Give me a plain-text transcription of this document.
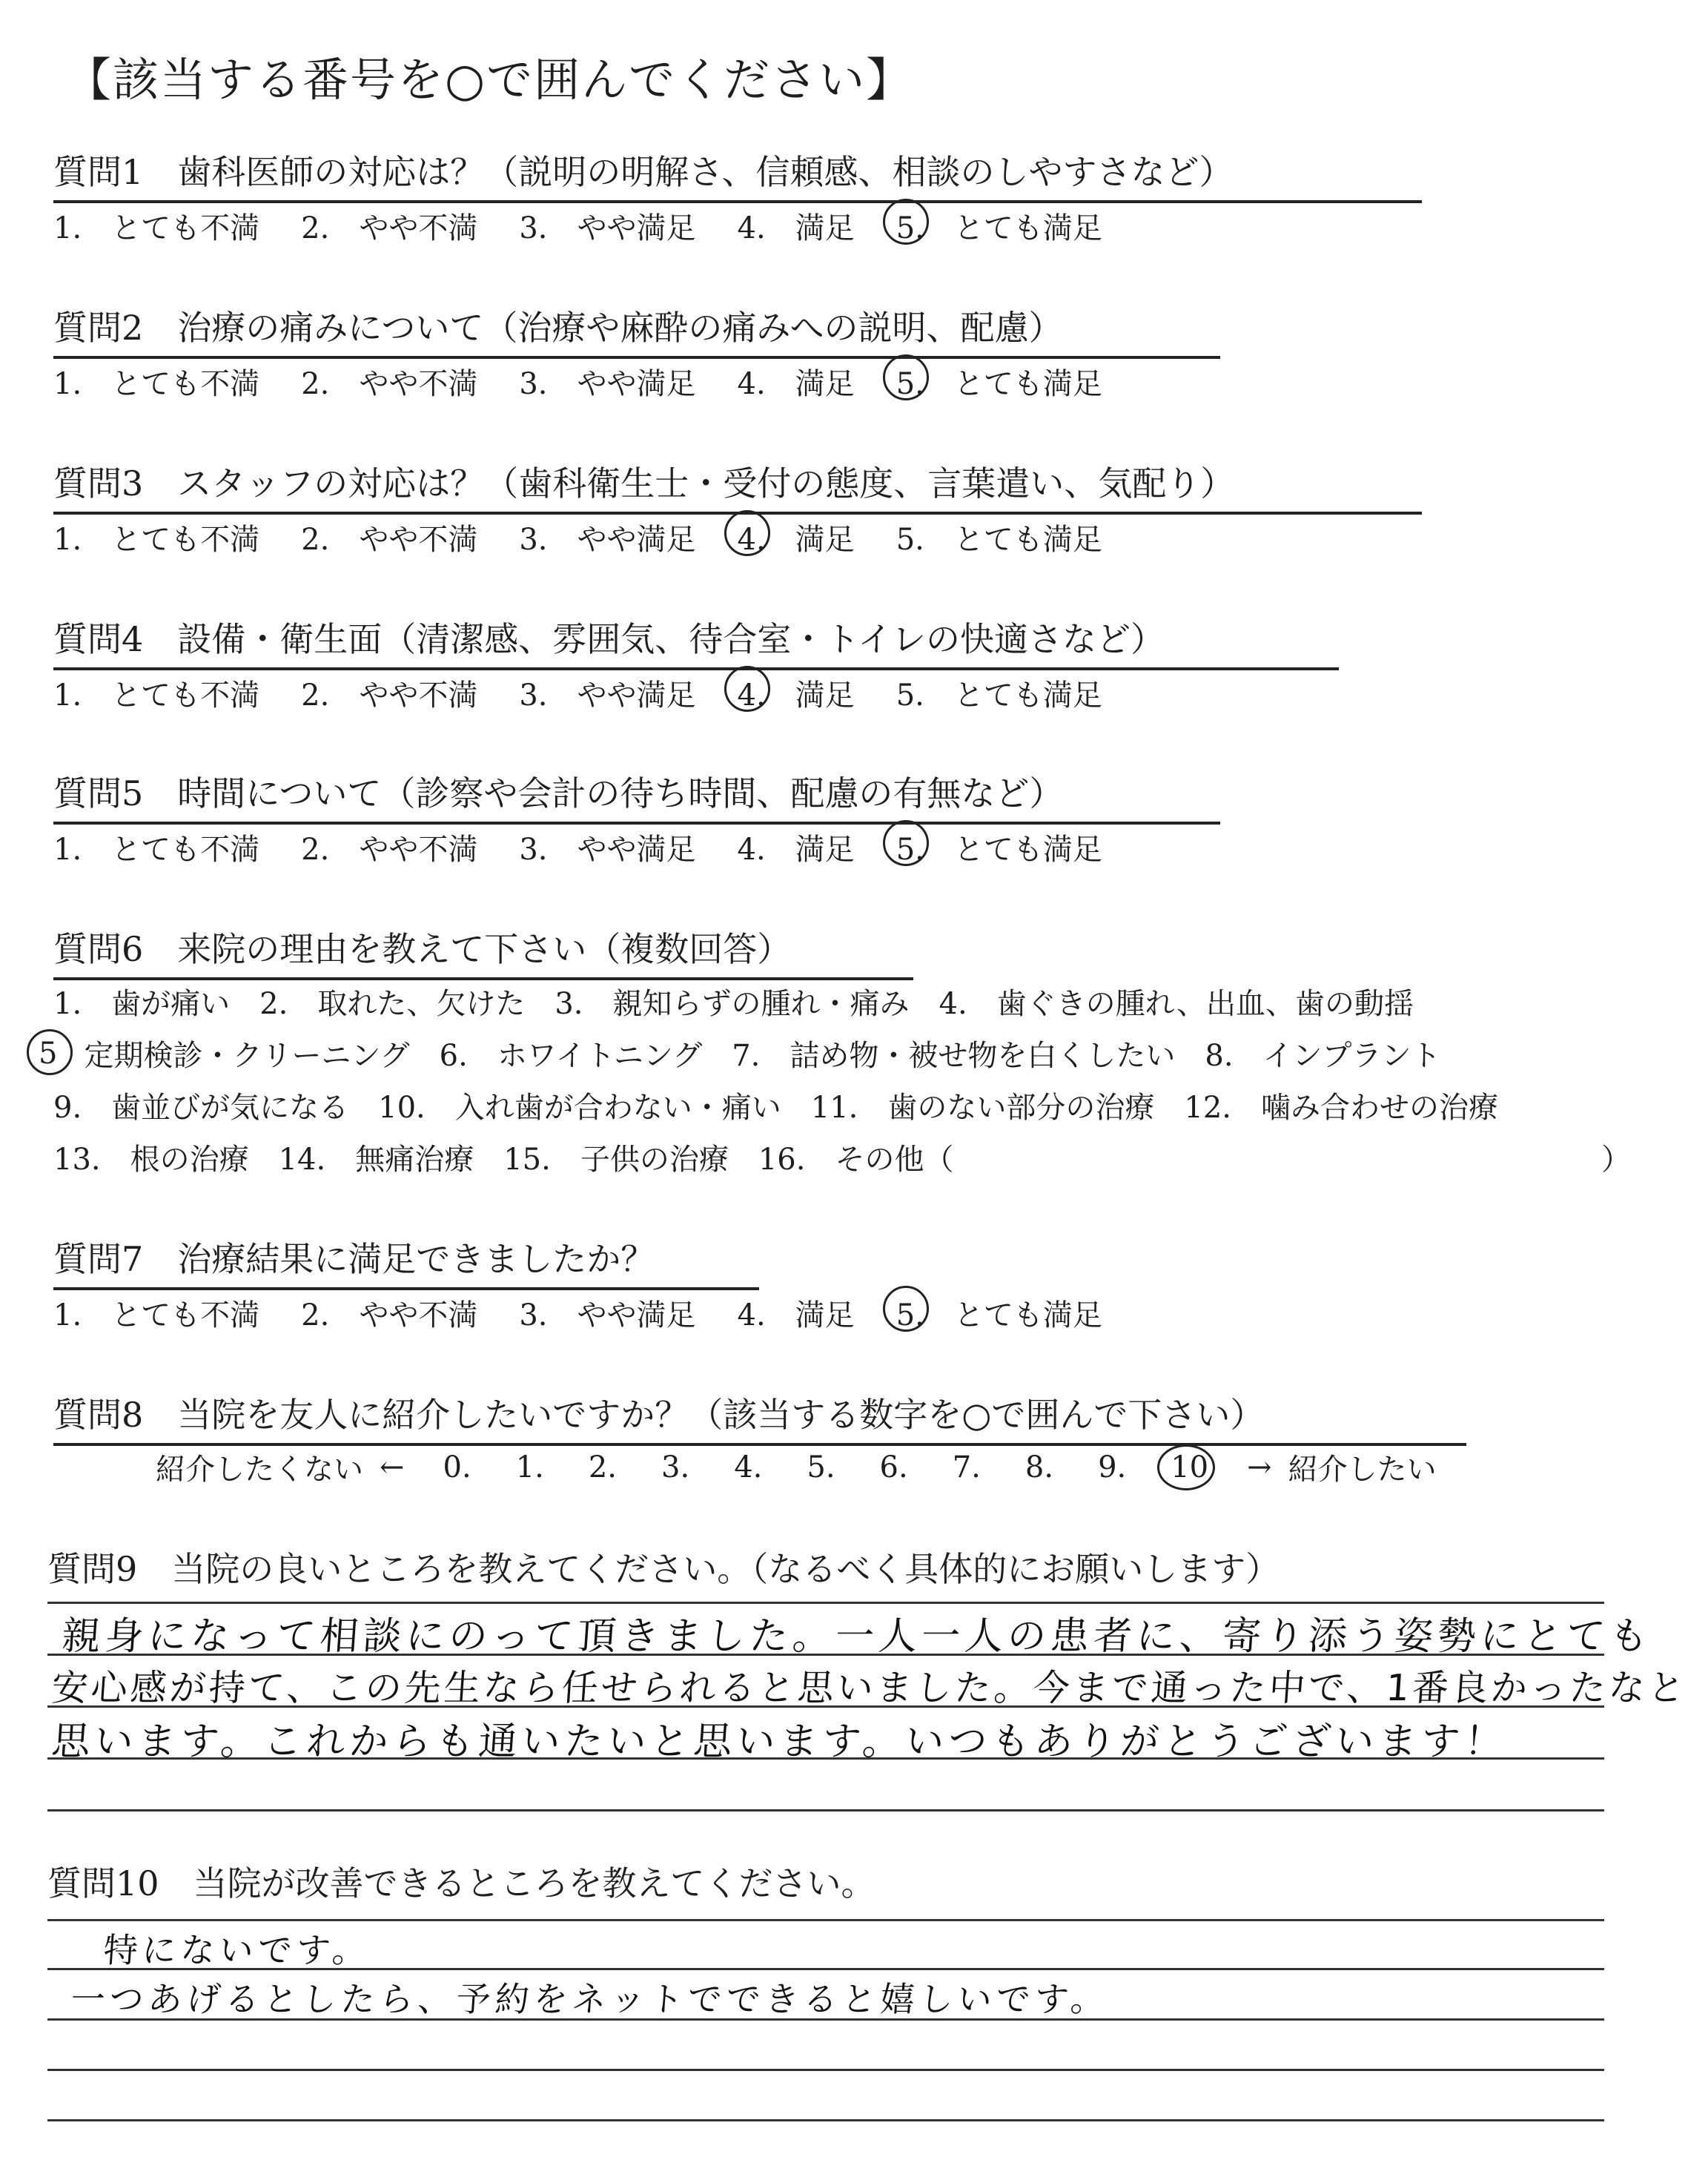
【該当する番号を○で囲んでください】
質問1 歯科医師の対応は？（説明の明解さ、信頼感、相談のしやすさなど）
1.　とても不満 2.　やや不満 3.　やや満足 4.　満足 5.　とても満足
質問2 治療の痛みについて（治療や麻酔の痛みへの説明、配慮）
1.　とても不満 2.　やや不満 3.　やや満足 4.　満足 5.　とても満足
質問3 スタッフの対応は？（歯科衛生士・受付の態度、言葉遣い、気配り）
1.　とても不満 2.　やや不満 3.　やや満足 4.　満足 5.　とても満足
質問4 設備・衛生面（清潔感、雰囲気、待合室・トイレの快適さなど）
1.　とても不満 2.　やや不満 3.　やや満足 4.　満足 5.　とても満足
質問5 時間について（診察や会計の待ち時間、配慮の有無など）
1.　とても不満 2.　やや不満 3.　やや満足 4.　満足 5.　とても満足
質問6 来院の理由を教えて下さい（複数回答）
1.　歯が痛い　2.　取れた、欠けた　3.　親知らずの腫れ・痛み　4.　歯ぐきの腫れ、出血、歯の動揺
5 定期検診・クリーニング　6.　ホワイトニング　7.　詰め物・被せ物を白くしたい　8.　インプラント
9.　歯並びが気になる　10.　入れ歯が合わない・痛い　11.　歯のない部分の治療　12.　噛み合わせの治療
13.　根の治療　14.　無痛治療　15.　子供の治療　16.　その他（	）
質問7 治療結果に満足できましたか？
1.　とても不満 2.　やや不満 3.　やや満足 4.　満足 5.　とても満足
質問8 当院を友人に紹介したいですか？（該当する数字を○で囲んで下さい）
紹介したくない ← 0. 1. 2. 3. 4. 5. 6. 7. 8. 9. 10 → 紹介したい
質問9 当院の良いところを教えてください。（なるべく具体的にお願いします）
親身になって相談にのって頂きました。一人一人の患者に、寄り添う姿勢にとても
安心感が持て、この先生なら任せられると思いました。今まで通った中で、1番良かったなと
思います。これからも通いたいと思います。いつもありがとうございます！
質問10 当院が改善できるところを教えてください。
特にないです。
一つあげるとしたら、予約をネットでできると嬉しいです。
